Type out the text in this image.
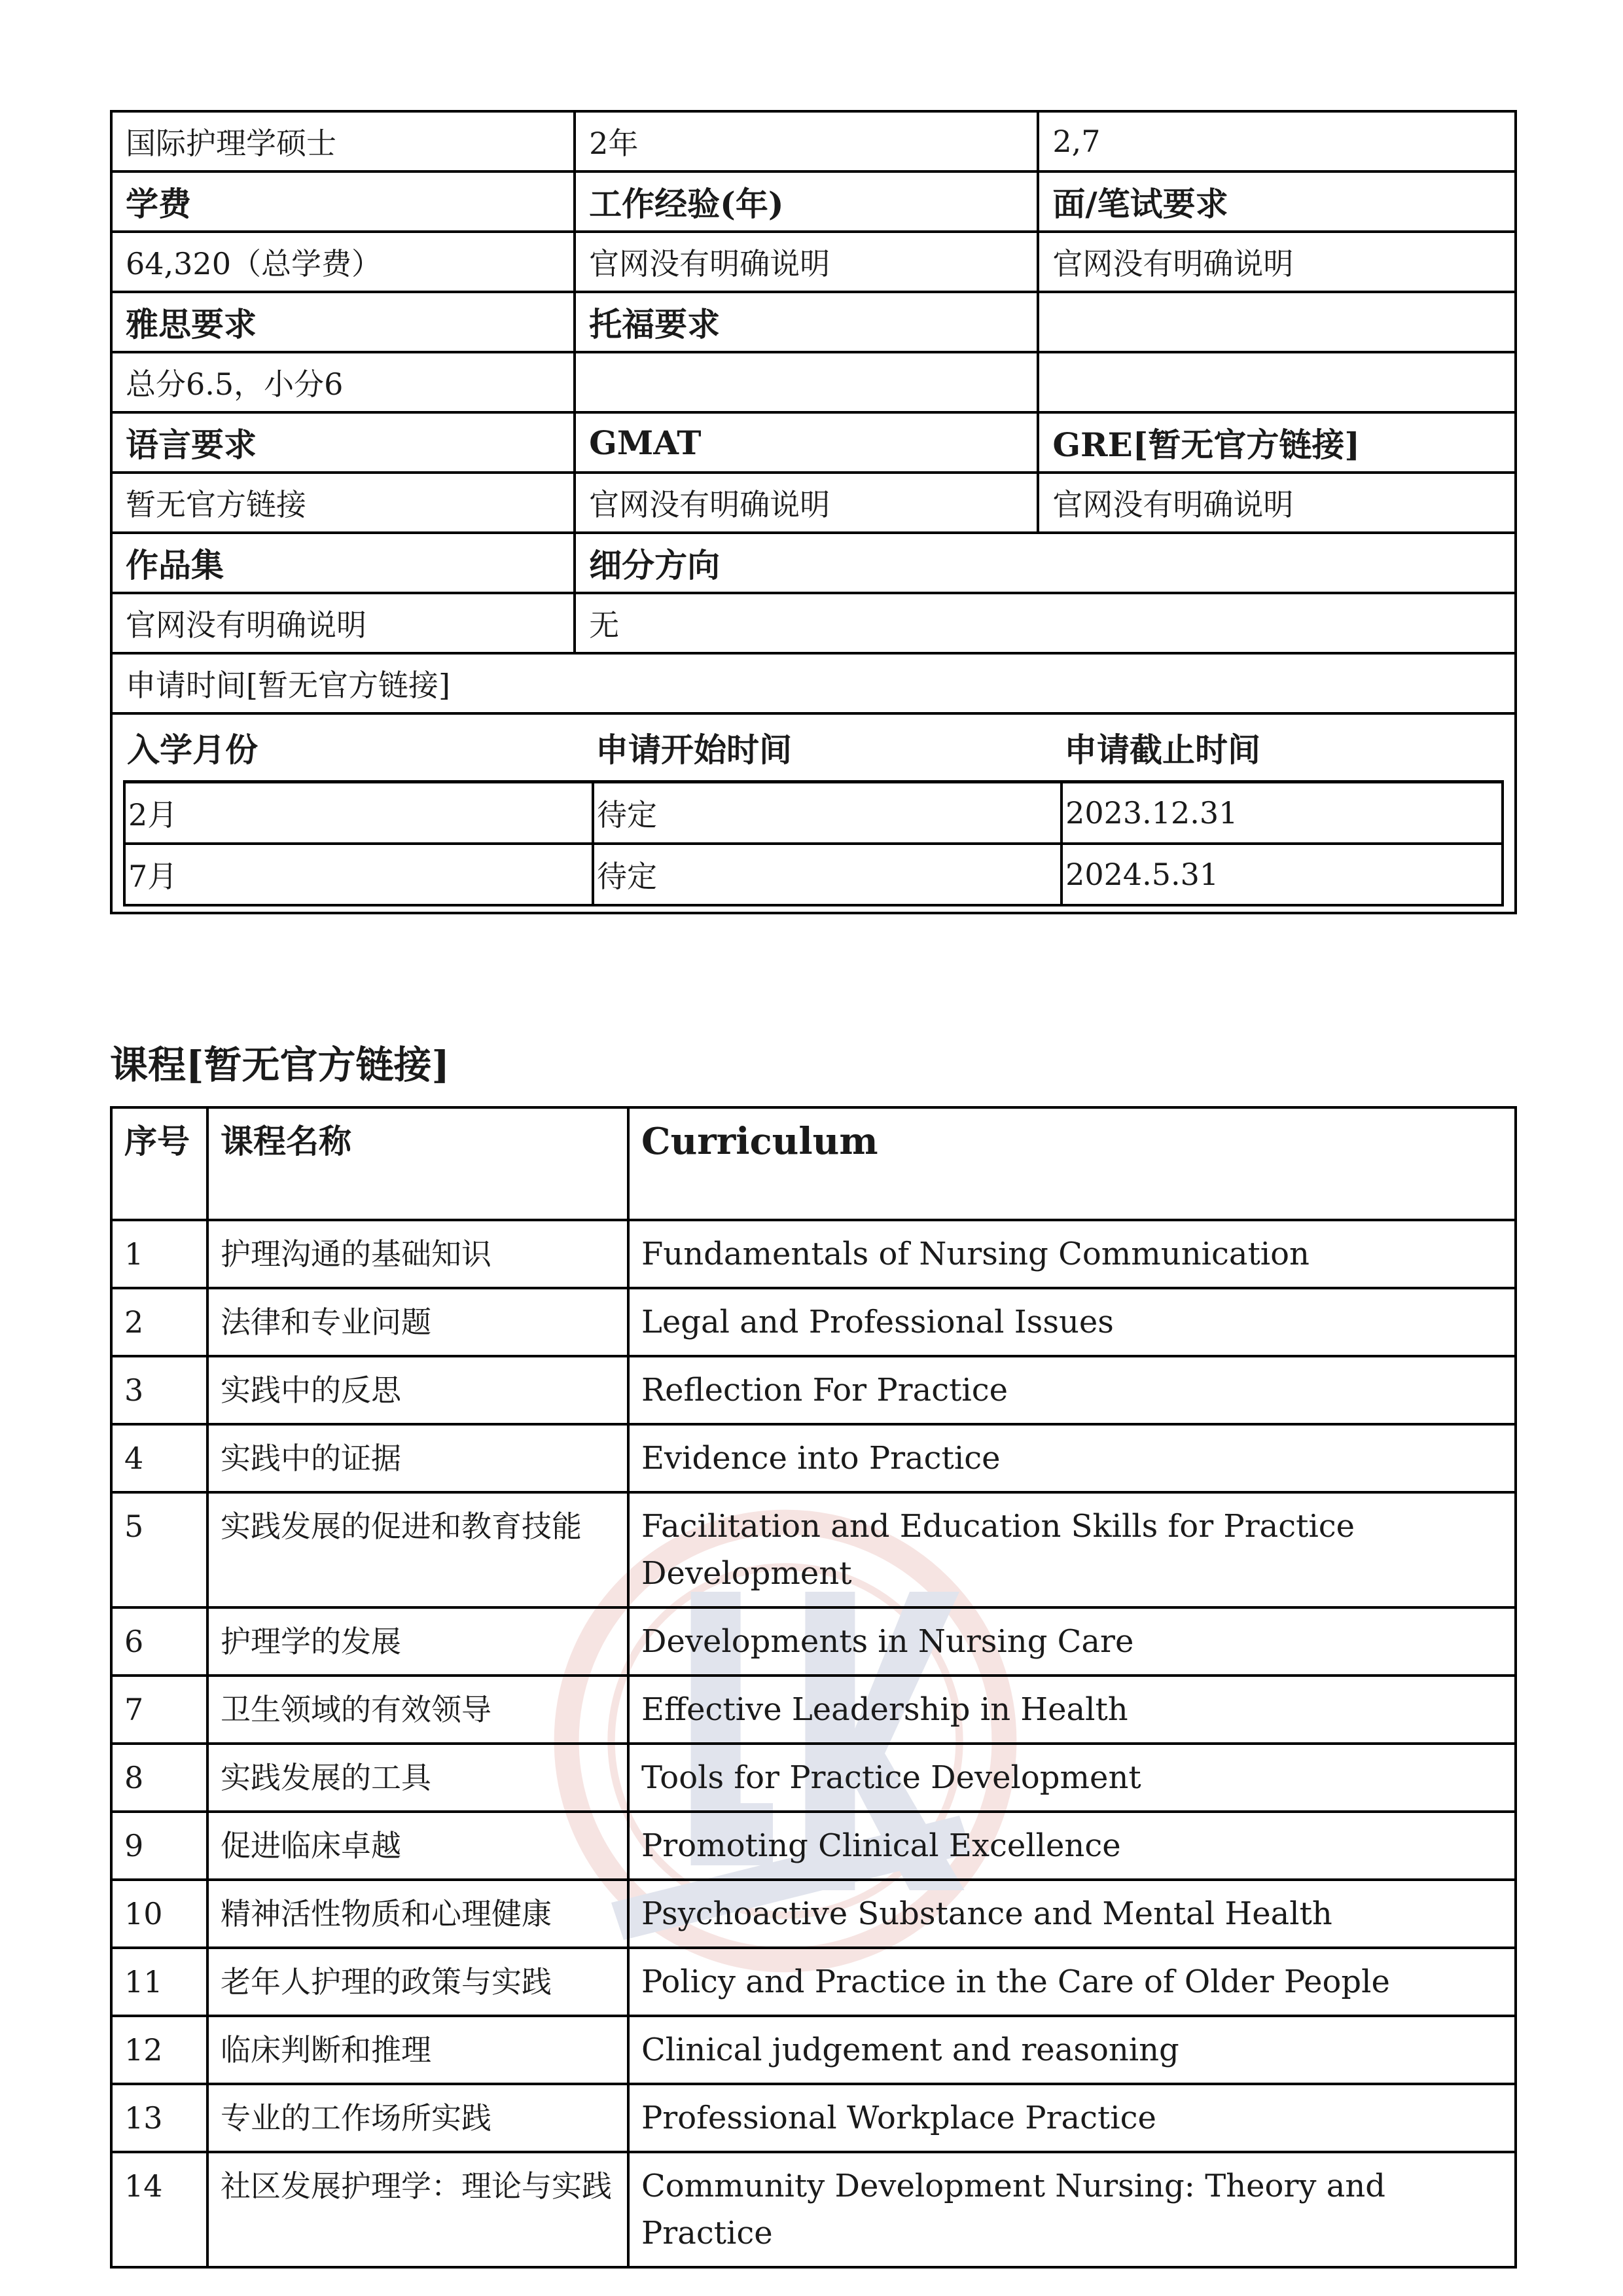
国际护理学硕士	2年	2,7
学费	工作经验(年)	面/笔试要求
64,320（总学费）	官网没有明确说明	官网没有明确说明
雅思要求	托福要求	
总分6.5，小分6		
语言要求	GMAT	GRE[暂无官方链接]
暂无官方链接	官网没有明确说明	官网没有明确说明
作品集	细分方向
官网没有明确说明	无
申请时间[暂无官方链接]

入学月份	申请开始时间	申请截止时间
2月	待定	2023.12.31
7月	待定	2024.5.31
课程[暂无官方链接]
序号	课程名称	Curriculum
1	护理沟通的基础知识	Fundamentals of Nursing Communication
2	法律和专业问题	Legal and Professional Issues
3	实践中的反思	Reflection For Practice
4	实践中的证据	Evidence into Practice
5	实践发展的促进和教育技能	Facilitation and Education Skills for Practice Development
6	护理学的发展	Developments in Nursing Care
7	卫生领域的有效领导	Effective Leadership in Health
8	实践发展的工具	Tools for Practice Development
9	促进临床卓越	Promoting Clinical Excellence
10	精神活性物质和心理健康	Psychoactive Substance and Mental Health
11	老年人护理的政策与实践	Policy and Practice in the Care of Older People
12	临床判断和推理	Clinical judgement and reasoning
13	专业的工作场所实践	Professional Workplace Practice
14	社区发展护理学：理论与实践	Community Development Nursing: Theory and Practice
